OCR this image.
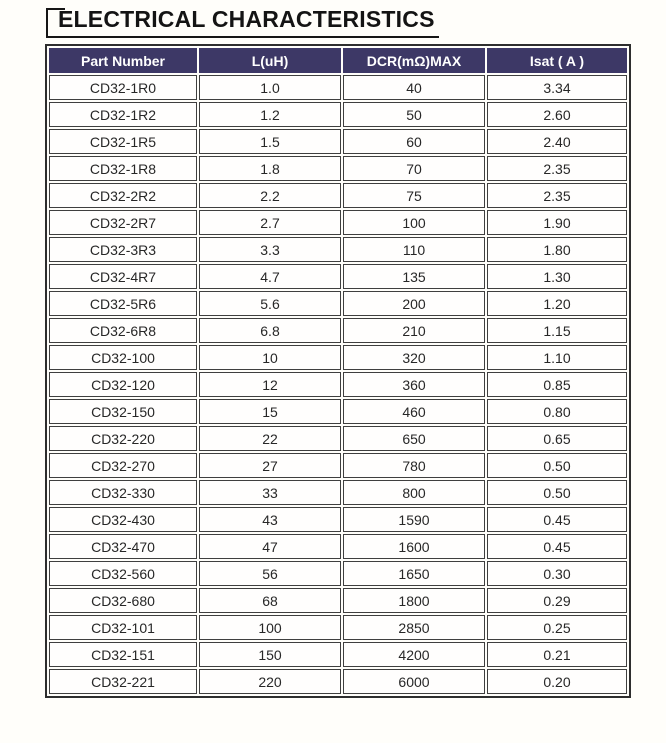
ELECTRICAL CHARACTERISTICS
Part Number	L(uH)	DCR(mΩ)MAX	Isat ( A )
CD32-1R0	1.0	40	3.34
CD32-1R2	1.2	50	2.60
CD32-1R5	1.5	60	2.40
CD32-1R8	1.8	70	2.35
CD32-2R2	2.2	75	2.35
CD32-2R7	2.7	100	1.90
CD32-3R3	3.3	110	1.80
CD32-4R7	4.7	135	1.30
CD32-5R6	5.6	200	1.20
CD32-6R8	6.8	210	1.15
CD32-100	10	320	1.10
CD32-120	12	360	0.85
CD32-150	15	460	0.80
CD32-220	22	650	0.65
CD32-270	27	780	0.50
CD32-330	33	800	0.50
CD32-430	43	1590	0.45
CD32-470	47	1600	0.45
CD32-560	56	1650	0.30
CD32-680	68	1800	0.29
CD32-101	100	2850	0.25
CD32-151	150	4200	0.21
CD32-221	220	6000	0.20
